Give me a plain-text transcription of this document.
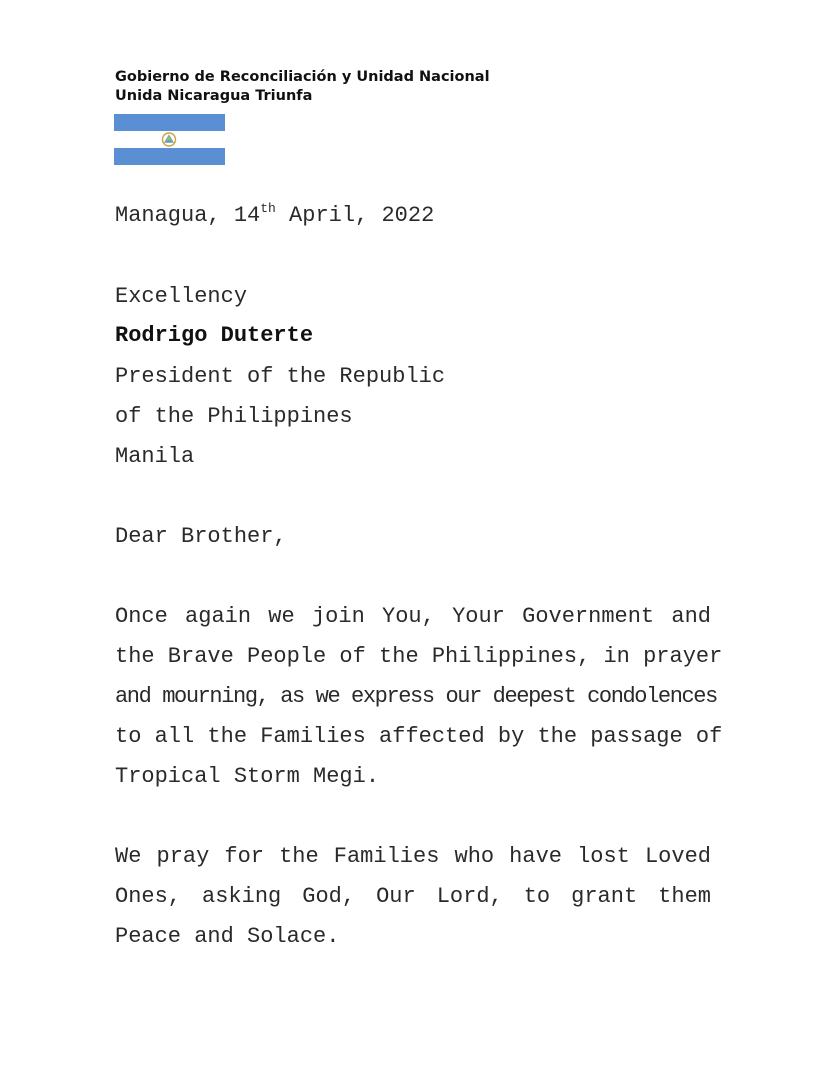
Gobierno de Reconciliación y Unidad Nacional
Unida Nicaragua Triunfa
Managua, 14th April, 2022
Excellency
Rodrigo Duterte
President of the Republic
of the Philippines
Manila
Dear Brother,
Once again we join You, Your Government and
the Brave People of the Philippines, in prayer
and mourning, as we express our deepest condolences
to all the Families affected by the passage of
Tropical Storm Megi.
We pray for the Families who have lost Loved
Ones, asking God, Our Lord, to grant them
Peace and Solace.
